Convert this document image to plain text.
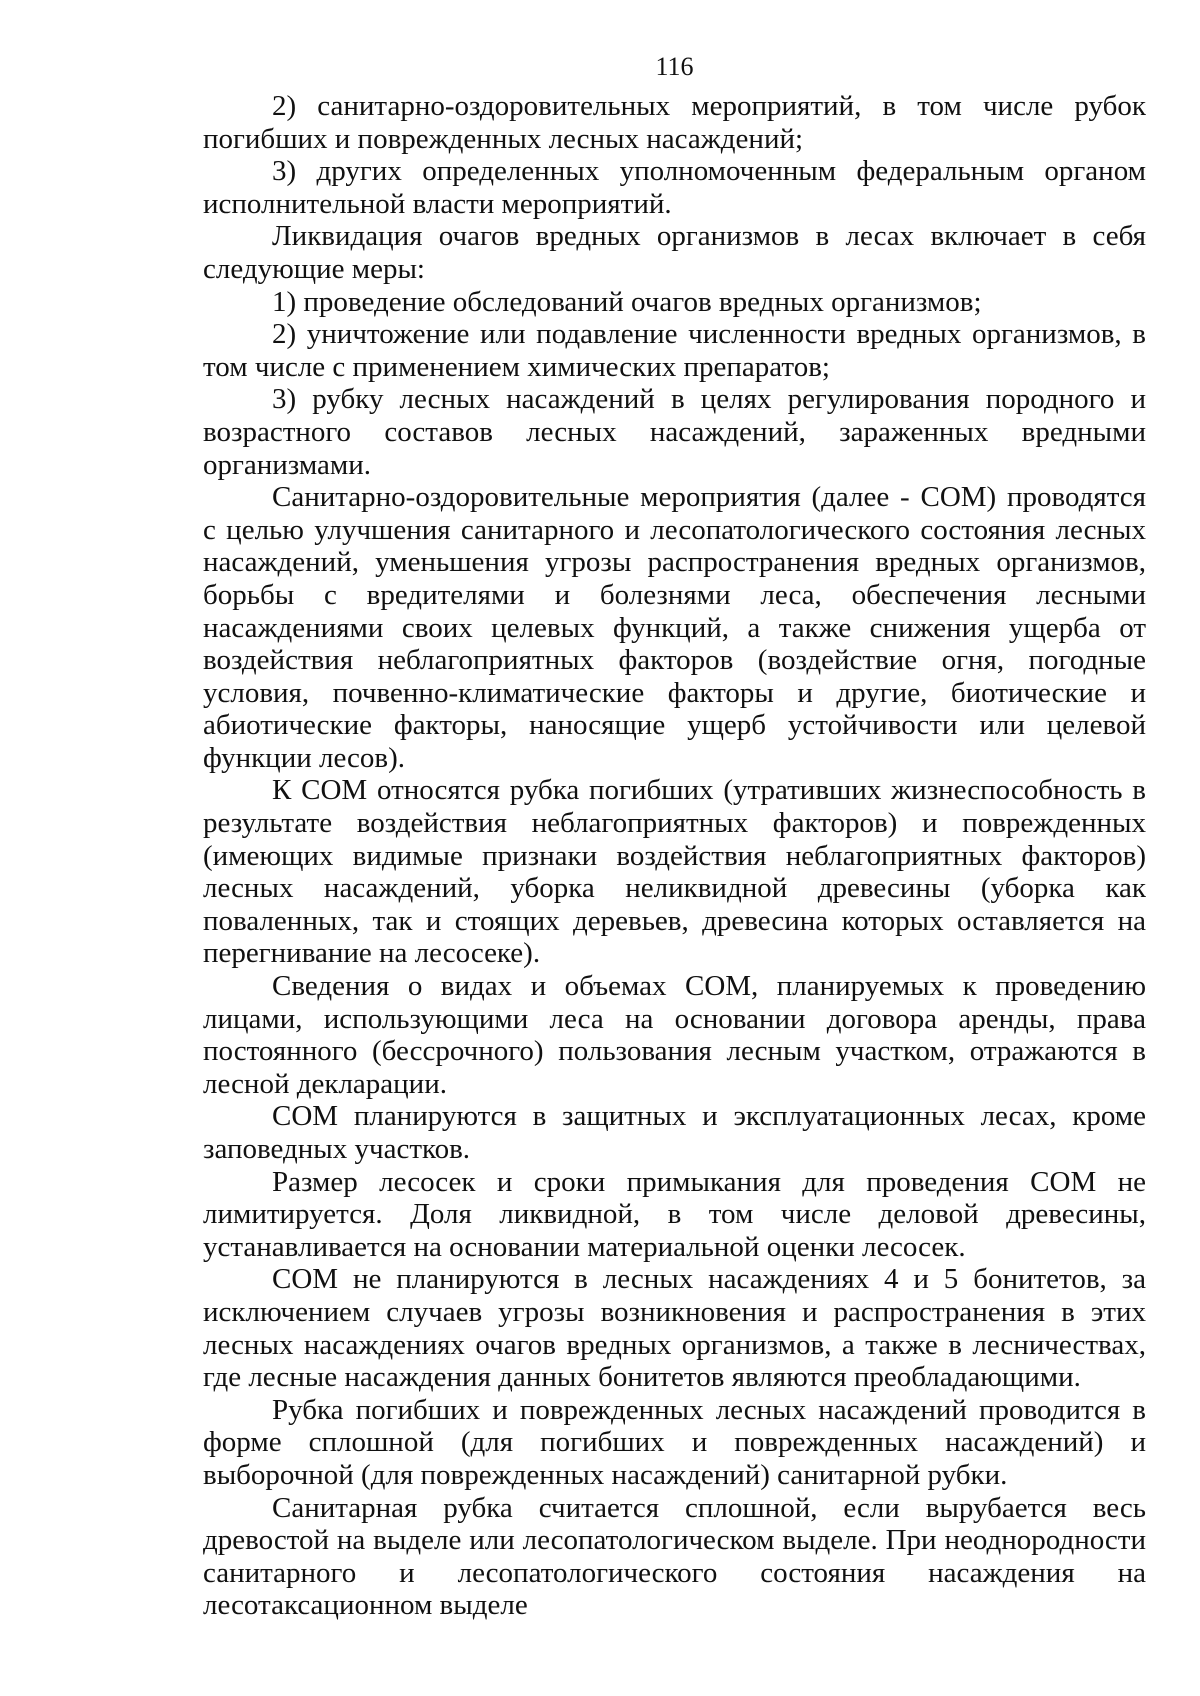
116

2) санитарно-оздоровительных мероприятий, в том числе рубок погибших и поврежденных лесных насаждений;

3) других определенных уполномоченным федеральным органом исполнительной власти мероприятий.

Ликвидация очагов вредных организмов в лесах включает в себя следующие меры:

1) проведение обследований очагов вредных организмов;

2) уничтожение или подавление численности вредных организмов, в том числе с применением химических препаратов;

3) рубку лесных насаждений в целях регулирования породного и возрастного составов лесных насаждений, зараженных вредными организмами.

Санитарно-оздоровительные мероприятия (далее - СОМ) проводятся с целью улучшения санитарного и лесопатологического состояния лесных насаждений, уменьшения угрозы распространения вредных организмов, борьбы с вредителями и болезнями леса, обеспечения лесными насаждениями своих целевых функций, а также снижения ущерба от воздействия неблагоприятных факторов (воздействие огня, погодные условия, почвенно-климатические факторы и другие, биотические и абиотические факторы, наносящие ущерб устойчивости или целевой функции лесов).

К СОМ относятся рубка погибших (утративших жизнеспособность в результате воздействия неблагоприятных факторов) и поврежденных (имеющих видимые признаки воздействия неблагоприятных факторов) лесных насаждений, уборка неликвидной древесины (уборка как поваленных, так и стоящих деревьев, древесина которых оставляется на перегнивание на лесосеке).

Сведения о видах и объемах СОМ, планируемых к проведению лицами, использующими леса на основании договора аренды, права постоянного (бессрочного) пользования лесным участком, отражаются в лесной декларации.

СОМ планируются в защитных и эксплуатационных лесах, кроме заповедных участков.

Размер лесосек и сроки примыкания для проведения СОМ не лимитируется. Доля ликвидной, в том числе деловой древесины, устанавливается на основании материальной оценки лесосек.

СОМ не планируются в лесных насаждениях 4 и 5 бонитетов, за исключением случаев угрозы возникновения и распространения в этих лесных насаждениях очагов вредных организмов, а также в лесничествах, где лесные насаждения данных бонитетов являются преобладающими.

Рубка погибших и поврежденных лесных насаждений проводится в форме сплошной (для погибших и поврежденных насаждений) и выборочной (для поврежденных насаждений) санитарной рубки.

Санитарная рубка считается сплошной, если вырубается весь древостой на выделе или лесопатологическом выделе. При неоднородности санитарного и лесопатологического состояния насаждения на лесотаксационном выделе
